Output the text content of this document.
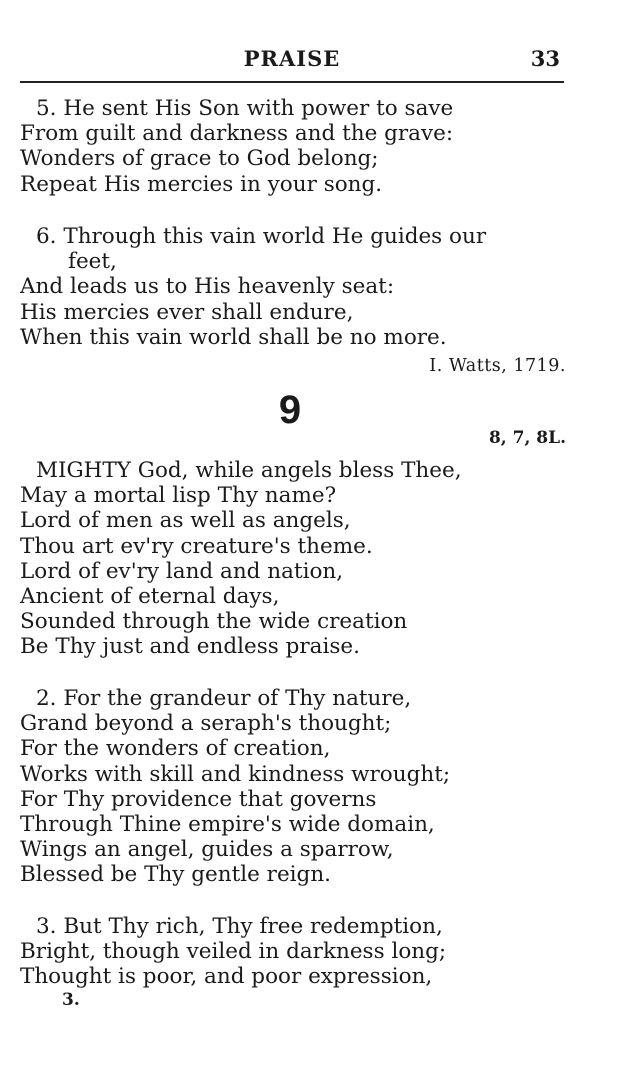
PRAISE	33
5. He sent His Son with power to save
From guilt and darkness and the grave:
Wonders of grace to God belong;
Repeat His mercies in your song.
6. Through this vain world He guides our
feet,
And leads us to His heavenly seat:
His mercies ever shall endure,
When this vain world shall be no more.
I. Watts, 1719.
9
8, 7, 8L.
MIGHTY God, while angels bless Thee,
May a mortal lisp Thy name?
Lord of men as well as angels,
Thou art ev'ry creature's theme.
Lord of ev'ry land and nation,
Ancient of eternal days,
Sounded through the wide creation
Be Thy just and endless praise.
2. For the grandeur of Thy nature,
Grand beyond a seraph's thought;
For the wonders of creation,
Works with skill and kindness wrought;
For Thy providence that governs
Through Thine empire's wide domain,
Wings an angel, guides a sparrow,
Blessed be Thy gentle reign.
3. But Thy rich, Thy free redemption,
Bright, though veiled in darkness long;
Thought is poor, and poor expression,
3.
